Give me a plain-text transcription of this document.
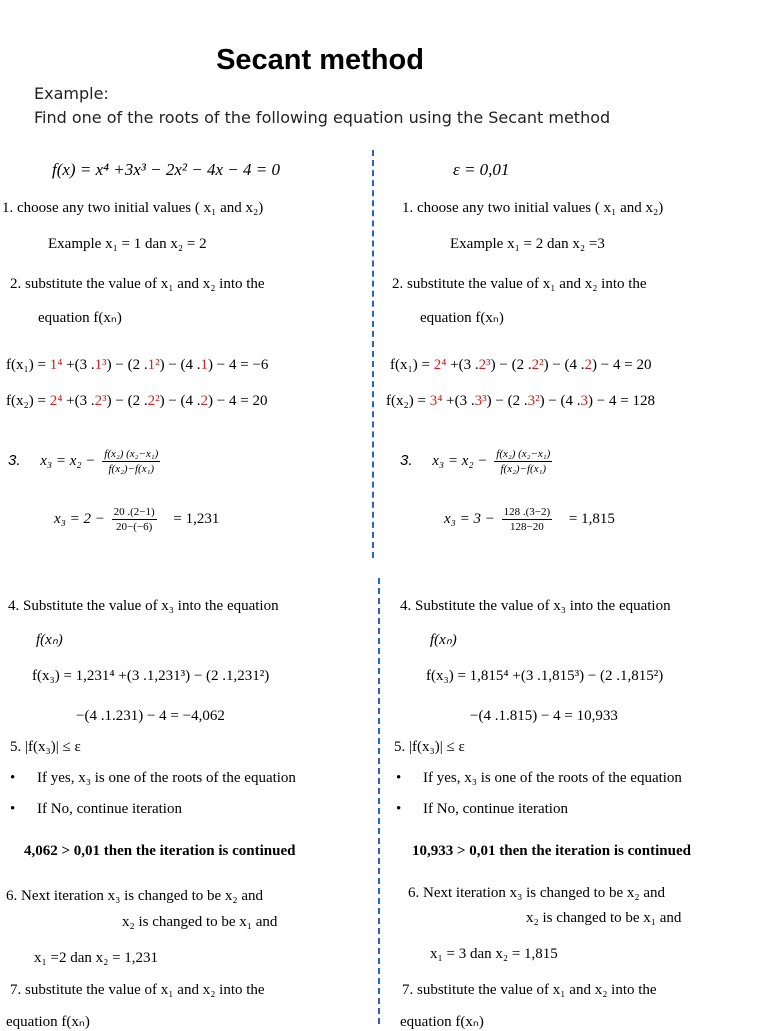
Secant method
Example:
Find one of the roots of the following equation using the Secant method
f(x) = x⁴ +3x³ − 2x² − 4x − 4 = 0	ε = 0,01
1. choose any two initial values ( x₁ and x₂)
Example x₁ = 1 dan x₂ = 2
2. substitute the value of x₁ and x₂ into the
equation f(xₙ)
f(x₁) = 1⁴ +(3 .1³) − (2 .1²) − (4 .1) − 4 = −6
f(x₂) = 2⁴ +(3 .2³) − (2 .2²) − (4 .2) − 4 = 20
3. $x_3 = x_2 - \frac{\text{f(x₂) (x₂−x₁)}}{\text{f(x₂)−f(x₁)}}$
$x_3 = 2 - \frac{20 .(2-1)}{20-(-6)} = 1,231$
4. Substitute the value of x₃ into the equation
f(xₙ)
f(x₃) = 1,231⁴ +(3 .1,231³) − (2 .1,231²)
−(4 .1.231) − 4 = −4,062
5. |f(x₃)| ≤ ε
• If yes, x₃ is one of the roots of the equation
• If No, continue iteration
4,062 > 0,01 then the iteration is continued
6. Next iteration x₃ is changed to be x₂ and
x₂ is changed to be x₁ and
x₁ =2 dan x₂ = 1,231
7. substitute the value of x₁ and x₂ into the
equation f(xₙ)
1. choose any two initial values ( x₁ and x₂)
Example x₁ = 2 dan x₂ =3
2. substitute the value of x₁ and x₂ into the
equation f(xₙ)
f(x₁) = 2⁴ +(3 .2³) − (2 .2²) − (4 .2) − 4 = 20
f(x₂) = 3⁴ +(3 .3³) − (2 .3²) − (4 .3) − 4 = 128
3. $x_3 = x_2 - \frac{\text{f(x₂) (x₂−x₁)}}{\text{f(x₂)−f(x₁)}}$
$x_3 = 3 - \frac{128 .(3-2)}{128-20} = 1,815$
4. Substitute the value of x₃ into the equation
f(xₙ)
f(x₃) = 1,815⁴ +(3 .1,815³) − (2 .1,815²)
−(4 .1.815) − 4 = 10,933
5. |f(x₃)| ≤ ε
• If yes, x₃ is one of the roots of the equation
• If No, continue iteration
10,933 > 0,01 then the iteration is continued
6. Next iteration x₃ is changed to be x₂ and
x₂ is changed to be x₁ and
x₁ = 3 dan x₂ = 1,815
7. substitute the value of x₁ and x₂ into the
equation f(xₙ)
